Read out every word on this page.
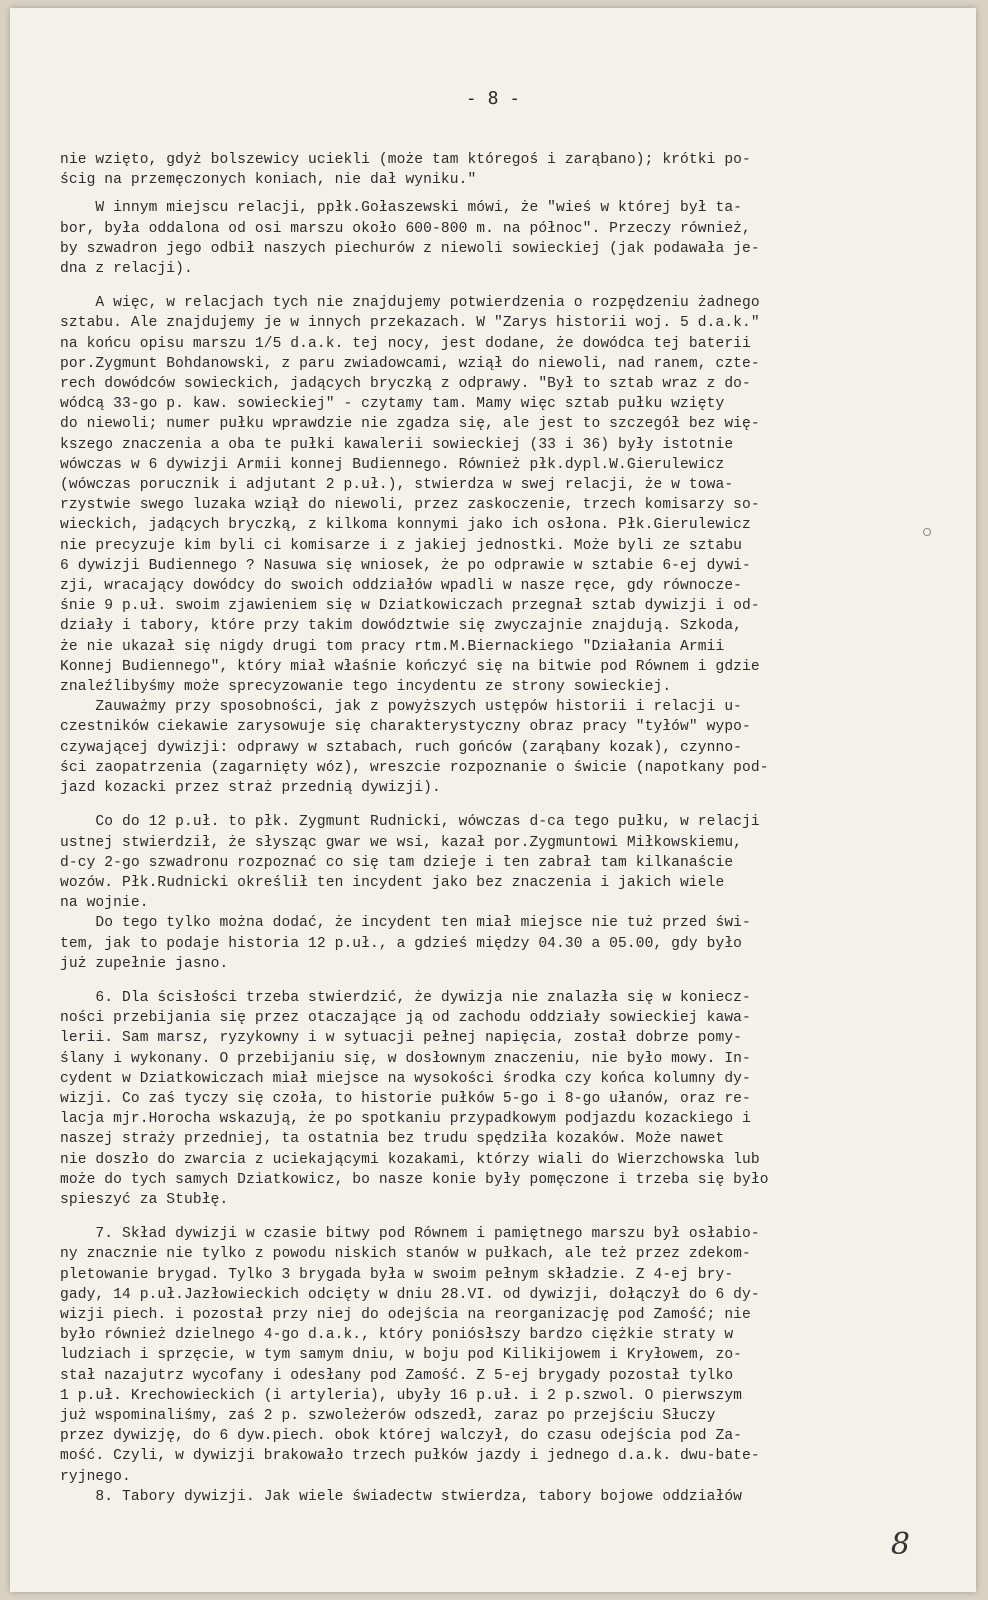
- 8 -

nie wzięto, gdyż bolszewicy uciekli (może tam któregoś i zarąbano); krótki po-
ścig na przemęczonych koniach, nie dał wyniku."

W innym miejscu relacji, ppłk.Gołaszewski mówi, że "wieś w której był ta-
bor, była oddalona od osi marszu około 600-800 m. na północ". Przeczy również,
by szwadron jego odbił naszych piechurów z niewoli sowieckiej (jak podawała je-
dna z relacji).

A więc, w relacjach tych nie znajdujemy potwierdzenia o rozpędzeniu żadnego
sztabu. Ale znajdujemy je w innych przekazach. W "Zarys historii woj. 5 d.a.k."
na końcu opisu marszu 1/5 d.a.k. tej nocy, jest dodane, że dowódca tej baterii
por.Zygmunt Bohdanowski, z paru zwiadowcami, wziął do niewoli, nad ranem, czte-
rech dowódców sowieckich, jadących bryczką z odprawy. "Był to sztab wraz z do-
wódcą 33-go p. kaw. sowieckiej" - czytamy tam. Mamy więc sztab pułku wzięty
do niewoli; numer pułku wprawdzie nie zgadza się, ale jest to szczegół bez wię-
kszego znaczenia a oba te pułki kawalerii sowieckiej (33 i 36) były istotnie
wówczas w 6 dywizji Armii konnej Budiennego. Również płk.dypl.W.Gierulewicz
(wówczas porucznik i adjutant 2 p.uł.), stwierdza w swej relacji, że w towa-
rzystwie swego luzaka wziął do niewoli, przez zaskoczenie, trzech komisarzy so-
wieckich, jadących bryczką, z kilkoma konnymi jako ich osłona. Płk.Gierulewicz
nie precyzuje kim byli ci komisarze i z jakiej jednostki. Może byli ze sztabu
6 dywizji Budiennego ? Nasuwa się wniosek, że po odprawie w sztabie 6-ej dywi-
zji, wracający dowódcy do swoich oddziałów wpadli w nasze ręce, gdy równocze-
śnie 9 p.uł. swoim zjawieniem się w Dziatkowiczach przegnał sztab dywizji i od-
działy i tabory, które przy takim dowództwie się zwyczajnie znajdują. Szkoda,
że nie ukazał się nigdy drugi tom pracy rtm.M.Biernackiego "Działania Armii
Konnej Budiennego", który miał właśnie kończyć się na bitwie pod Równem i gdzie
znaleźlibyśmy może sprecyzowanie tego incydentu ze strony sowieckiej.

Zauważmy przy sposobności, jak z powyższych ustępów historii i relacji u-
czestników ciekawie zarysowuje się charakterystyczny obraz pracy "tyłów" wypo-
czywającej dywizji: odprawy w sztabach, ruch gońców (zarąbany kozak), czynno-
ści zaopatrzenia (zagarnięty wóz), wreszcie rozpoznanie o świcie (napotkany pod-
jazd kozacki przez straż przednią dywizji).

Co do 12 p.uł. to płk. Zygmunt Rudnicki, wówczas d-ca tego pułku, w relacji
ustnej stwierdził, że słysząc gwar we wsi, kazał por.Zygmuntowi Miłkowskiemu,
d-cy 2-go szwadronu rozpoznać co się tam dzieje i ten zabrał tam kilkanaście
wozów. Płk.Rudnicki określił ten incydent jako bez znaczenia i jakich wiele
na wojnie.

Do tego tylko można dodać, że incydent ten miał miejsce nie tuż przed świ-
tem, jak to podaje historia 12 p.uł., a gdzieś między 04.30 a 05.00, gdy było
już zupełnie jasno.

6. Dla ścisłości trzeba stwierdzić, że dywizja nie znalazła się w koniecz-
ności przebijania się przez otaczające ją od zachodu oddziały sowieckiej kawa-
lerii. Sam marsz, ryzykowny i w sytuacji pełnej napięcia, został dobrze pomy-
ślany i wykonany. O przebijaniu się, w dosłownym znaczeniu, nie było mowy. In-
cydent w Dziatkowiczach miał miejsce na wysokości środka czy końca kolumny dy-
wizji. Co zaś tyczy się czoła, to historie pułków 5-go i 8-go ułanów, oraz re-
lacja mjr.Horocha wskazują, że po spotkaniu przypadkowym podjazdu kozackiego i
naszej straży przedniej, ta ostatnia bez trudu spędziła kozaków. Może nawet
nie doszło do zwarcia z uciekającymi kozakami, którzy wiali do Wierzchowska lub
może do tych samych Dziatkowicz, bo nasze konie były pomęczone i trzeba się było
spieszyć za Stubłę.

7. Skład dywizji w czasie bitwy pod Równem i pamiętnego marszu był osłabio-
ny znacznie nie tylko z powodu niskich stanów w pułkach, ale też przez zdekom-
pletowanie brygad. Tylko 3 brygada była w swoim pełnym składzie. Z 4-ej bry-
gady, 14 p.uł.Jazłowieckich odcięty w dniu 28.VI. od dywizji, dołączył do 6 dy-
wizji piech. i pozostał przy niej do odejścia na reorganizację pod Zamość; nie
było również dzielnego 4-go d.a.k., który poniósłszy bardzo ciężkie straty w
ludziach i sprzęcie, w tym samym dniu, w boju pod Kilikijowem i Kryłowem, zo-
stał nazajutrz wycofany i odesłany pod Zamość. Z 5-ej brygady pozostał tylko
1 p.uł. Krechowieckich (i artyleria), ubyły 16 p.uł. i 2 p.szwol. O pierwszym
już wspominaliśmy, zaś 2 p. szwoleżerów odszedł, zaraz po przejściu Słuczy
przez dywizję, do 6 dyw.piech. obok której walczył, do czasu odejścia pod Za-
mość. Czyli, w dywizji brakowało trzech pułków jazdy i jednego d.a.k. dwu-bate-
ryjnego.

8. Tabory dywizji. Jak wiele świadectw stwierdza, tabory bojowe oddziałów

8
